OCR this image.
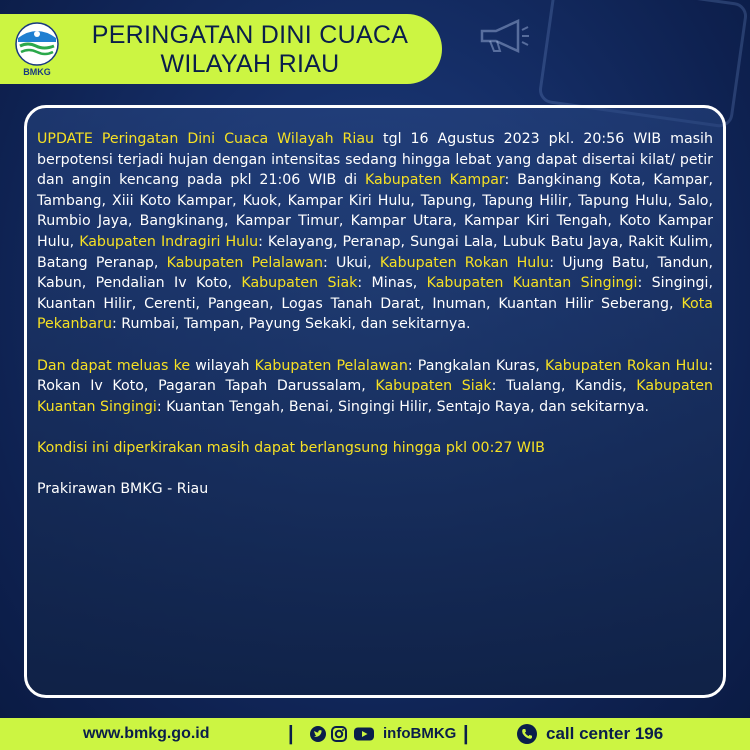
BMKG
PERINGATAN DINI CUACA
WILAYAH RIAU

UPDATE Peringatan Dini Cuaca Wilayah Riau tgl 16 Agustus 2023 pkl. 20:56 WIB masih berpotensi terjadi hujan dengan intensitas sedang hingga lebat yang dapat disertai kilat/ petir dan angin kencang pada pkl 21:06 WIB di Kabupaten Kampar: Bangkinang Kota, Kampar, Tambang, Xiii Koto Kampar, Kuok, Kampar Kiri Hulu, Tapung, Tapung Hilir, Tapung Hulu, Salo, Rumbio Jaya, Bangkinang, Kampar Timur, Kampar Utara, Kampar Kiri Tengah, Koto Kampar Hulu, Kabupaten Indragiri Hulu: Kelayang, Peranap, Sungai Lala, Lubuk Batu Jaya, Rakit Kulim, Batang Peranap, Kabupaten Pelalawan: Ukui, Kabupaten Rokan Hulu: Ujung Batu, Tandun, Kabun, Pendalian Iv Koto, Kabupaten Siak: Minas, Kabupaten Kuantan Singingi: Singingi, Kuantan Hilir, Cerenti, Pangean, Logas Tanah Darat, Inuman, Kuantan Hilir Seberang, Kota Pekanbaru: Rumbai, Tampan, Payung Sekaki, dan sekitarnya.

Dan dapat meluas ke wilayah Kabupaten Pelalawan: Pangkalan Kuras, Kabupaten Rokan Hulu: Rokan Iv Koto, Pagaran Tapah Darussalam, Kabupaten Siak: Tualang, Kandis, Kabupaten Kuantan Singingi: Kuantan Tengah, Benai, Singingi Hilir, Sentajo Raya, dan sekitarnya.

Kondisi ini diperkirakan masih dapat berlangsung hingga pkl 00:27 WIB

Prakirawan BMKG - Riau

www.bmkg.go.id	|	infoBMKG |	call center 196
